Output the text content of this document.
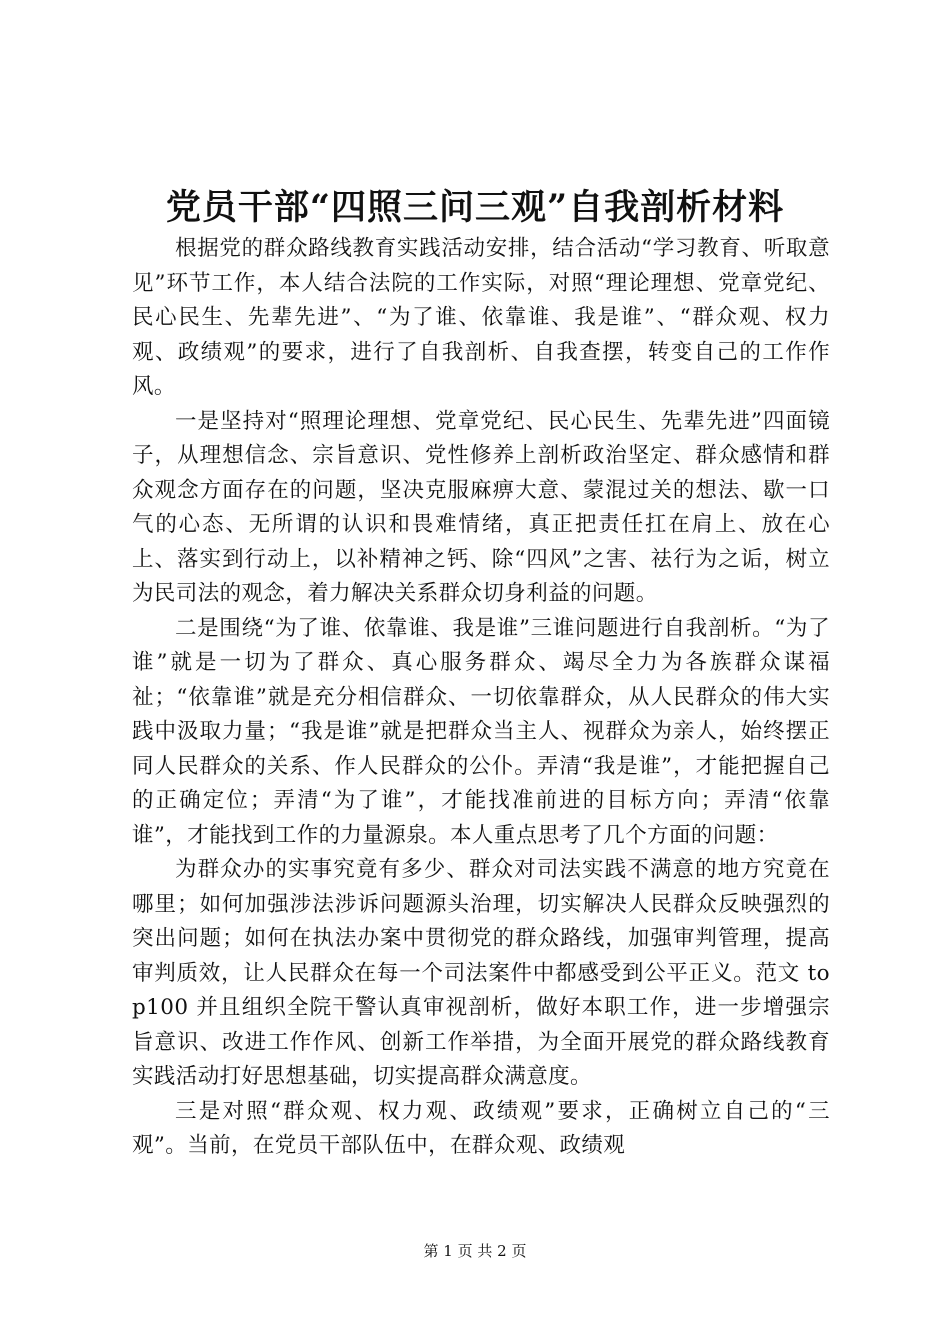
党员干部“四照三问三观”自我剖析材料

根据党的群众路线教育实践活动安排，结合活动“学习教育、听取意见”环节工作，本人结合法院的工作实际，对照“理论理想、党章党纪、民心民生、先辈先进”、“为了谁、依靠谁、我是谁”、“群众观、权力观、政绩观”的要求，进行了自我剖析、自我查摆，转变自己的工作作风。

一是坚持对“照理论理想、党章党纪、民心民生、先辈先进”四面镜子，从理想信念、宗旨意识、党性修养上剖析政治坚定、群众感情和群众观念方面存在的问题，坚决克服麻痹大意、蒙混过关的想法、歇一口气的心态、无所谓的认识和畏难情绪，真正把责任扛在肩上、放在心上、落实到行动上，以补精神之钙、除“四风”之害、祛行为之诟，树立为民司法的观念，着力解决关系群众切身利益的问题。

二是围绕“为了谁、依靠谁、我是谁”三谁问题进行自我剖析。“为了谁”就是一切为了群众、真心服务群众、竭尽全力为各族群众谋福祉；“依靠谁”就是充分相信群众、一切依靠群众，从人民群众的伟大实践中汲取力量；“我是谁”就是把群众当主人、视群众为亲人，始终摆正同人民群众的关系、作人民群众的公仆。弄清“我是谁”，才能把握自己的正确定位；弄清“为了谁”，才能找准前进的目标方向；弄清“依靠谁”，才能找到工作的力量源泉。本人重点思考了几个方面的问题：

为群众办的实事究竟有多少、群众对司法实践不满意的地方究竟在哪里；如何加强涉法涉诉问题源头治理，切实解决人民群众反映强烈的突出问题；如何在执法办案中贯彻党的群众路线，加强审判管理，提高审判质效，让人民群众在每一个司法案件中都感受到公平正义。范文 top100 并且组织全院干警认真审视剖析，做好本职工作，进一步增强宗旨意识、改进工作作风、创新工作举措，为全面开展党的群众路线教育实践活动打好思想基础，切实提高群众满意度。

三是对照“群众观、权力观、政绩观”要求，正确树立自己的“三观”。当前，在党员干部队伍中，在群众观、政绩观

第 1 页 共 2 页
